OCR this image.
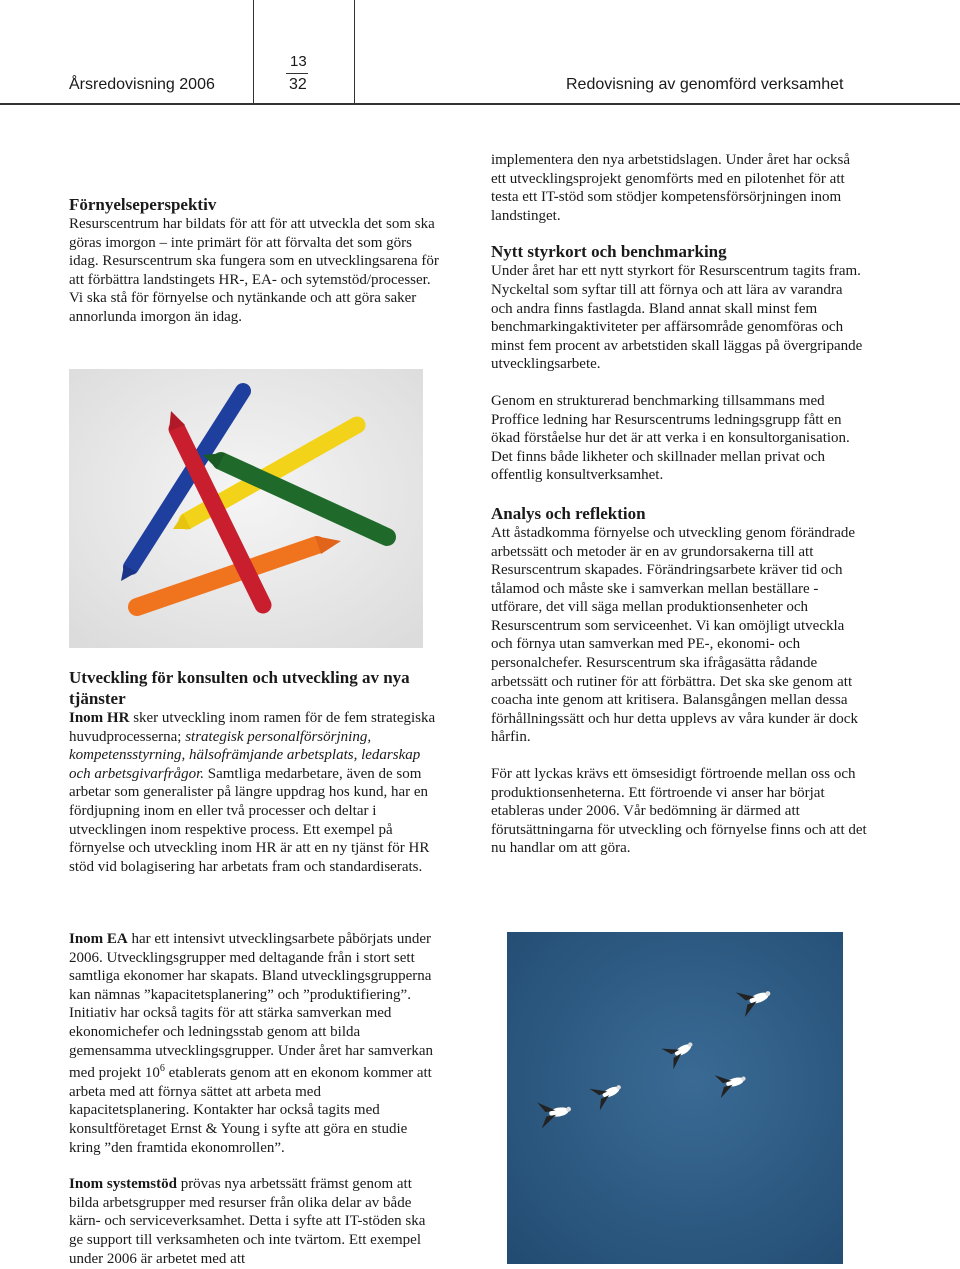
Årsredovisning 2006
13
32	Redovisning av genomförd verksamhet
Förnyelseperspektiv

Resurscentrum har bildats för att för att utveckla det som ska göras imorgon – inte primärt för att förvalta det som görs idag. Resurscentrum ska fungera som en utvecklingsarena för att förbättra landstingets HR-, EA- och sytemstöd/processer. Vi ska stå för förnyelse och nytänkande och att göra saker annorlunda imorgon än idag.

Utveckling för konsulten och utveckling av nya tjänster

Inom HR sker utveckling inom ramen för de fem strategiska huvudprocesserna; strategisk personalförsörjning, kompetensstyrning, hälsofrämjande arbetsplats, ledarskap och arbetsgivarfrågor. Samtliga medarbetare, även de som arbetar som generalister på längre uppdrag hos kund, har en fördjupning inom en eller två processer och deltar i utvecklingen inom respektive process. Ett exempel på förnyelse och utveckling inom HR är att en ny tjänst för HR stöd vid bolagisering har arbetats fram och standardiserats.

Inom EA har ett intensivt utvecklingsarbete påbörjats under 2006. Utvecklingsgrupper med deltagande från i stort sett samtliga ekonomer har skapats. Bland utvecklingsgrupperna kan nämnas ”kapacitetsplanering” och ”produktifiering”. Initiativ har också tagits för att stärka samverkan med ekonomichefer och ledningsstab genom att bilda gemensamma utvecklingsgrupper. Under året har samverkan med projekt $10^6$ etablerats genom att en ekonom kommer att arbeta med att förnya sättet att arbeta med kapacitetsplanering. Kontakter har också tagits med konsultföretaget Ernst & Young i syfte att göra en studie kring ”den framtida ekonomrollen”.

Inom systemstöd prövas nya arbetssätt främst genom att bilda arbetsgrupper med resurser från olika delar av både kärn- och serviceverksamhet. Detta i syfte att IT-stöden ska ge support till verksamheten och inte tvärtom. Ett exempel under 2006 är arbetet med att

implementera den nya arbetstidslagen. Under året har också ett utvecklingsprojekt genomförts med en pilotenhet för att testa ett IT-stöd som stödjer kompetensförsörjningen inom landstinget.

Nytt styrkort och benchmarking

Under året har ett nytt styrkort för Resurscentrum tagits fram. Nyckeltal som syftar till att förnya och att lära av varandra och andra finns fastlagda. Bland annat skall minst fem benchmarkingaktiviteter per affärsområde genomföras och minst fem procent av arbetstiden skall läggas på övergripande utvecklingsarbete.

Genom en strukturerad benchmarking tillsammans med Proffice ledning har Resurscentrums ledningsgrupp fått en ökad förståelse hur det är att verka i en konsultorganisation. Det finns både likheter och skillnader mellan privat och offentlig konsultverksamhet.

Analys och reflektion

Att åstadkomma förnyelse och utveckling genom förändrade arbetssätt och metoder är en av grundorsakerna till att Resurscentrum skapades. Förändringsarbete kräver tid och tålamod och måste ske i samverkan mellan beställare - utförare, det vill säga mellan produktionsenheter och Resurscentrum som serviceenhet. Vi kan omöjligt utveckla och förnya utan samverkan med PE-, ekonomi- och personalchefer. Resurscentrum ska ifrågasätta rådande arbetssätt och rutiner för att förbättra. Det ska ske genom att coacha inte genom att kritisera. Balansgången mellan dessa förhållningssätt och hur detta upplevs av våra kunder är dock hårfin.

För att lyckas krävs ett ömsesidigt förtroende mellan oss och produktionsenheterna. Ett förtroende vi anser har börjat etableras under 2006. Vår bedömning är därmed att förutsättningarna för utveckling och förnyelse finns och att det nu handlar om att göra.
